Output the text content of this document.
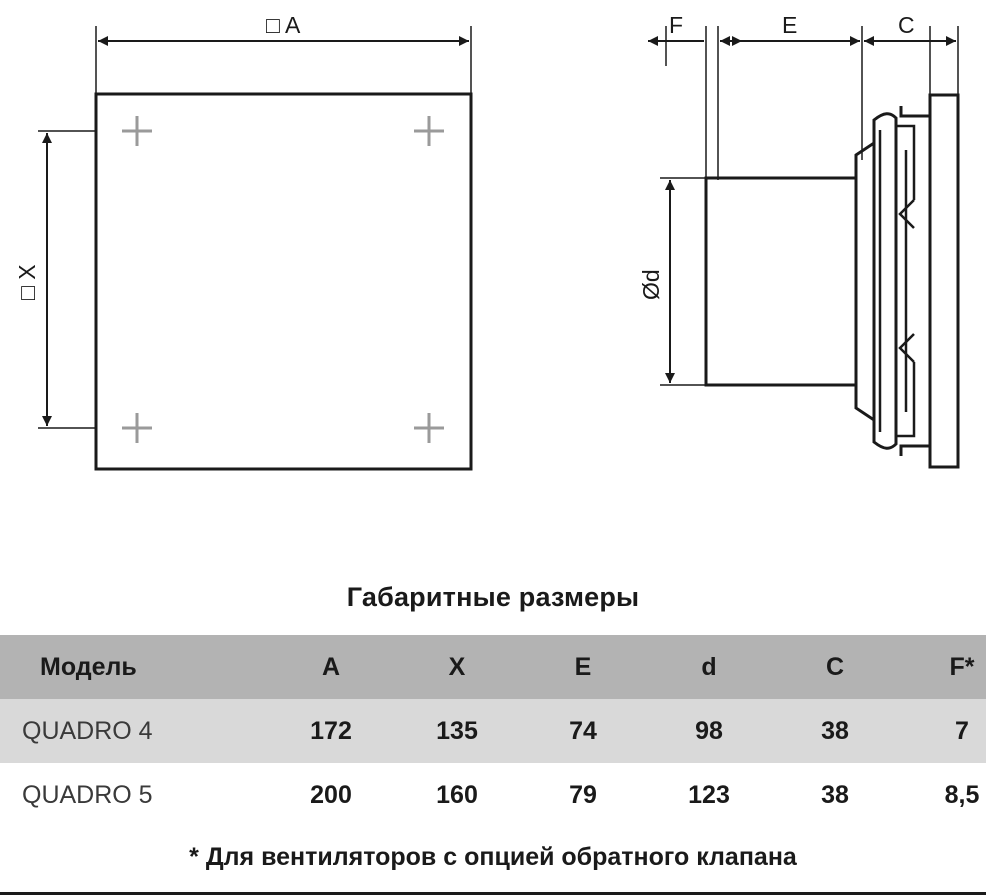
□ A
□ X
F	E	C
Ød
Габаритные размеры
Модель	A	X	E	d	C	F*
QUADRO 4	172	135	74	98	38	7
QUADRO 5	200	160	79	123	38	8,5
* Для вентиляторов с опцией обратного клапана
